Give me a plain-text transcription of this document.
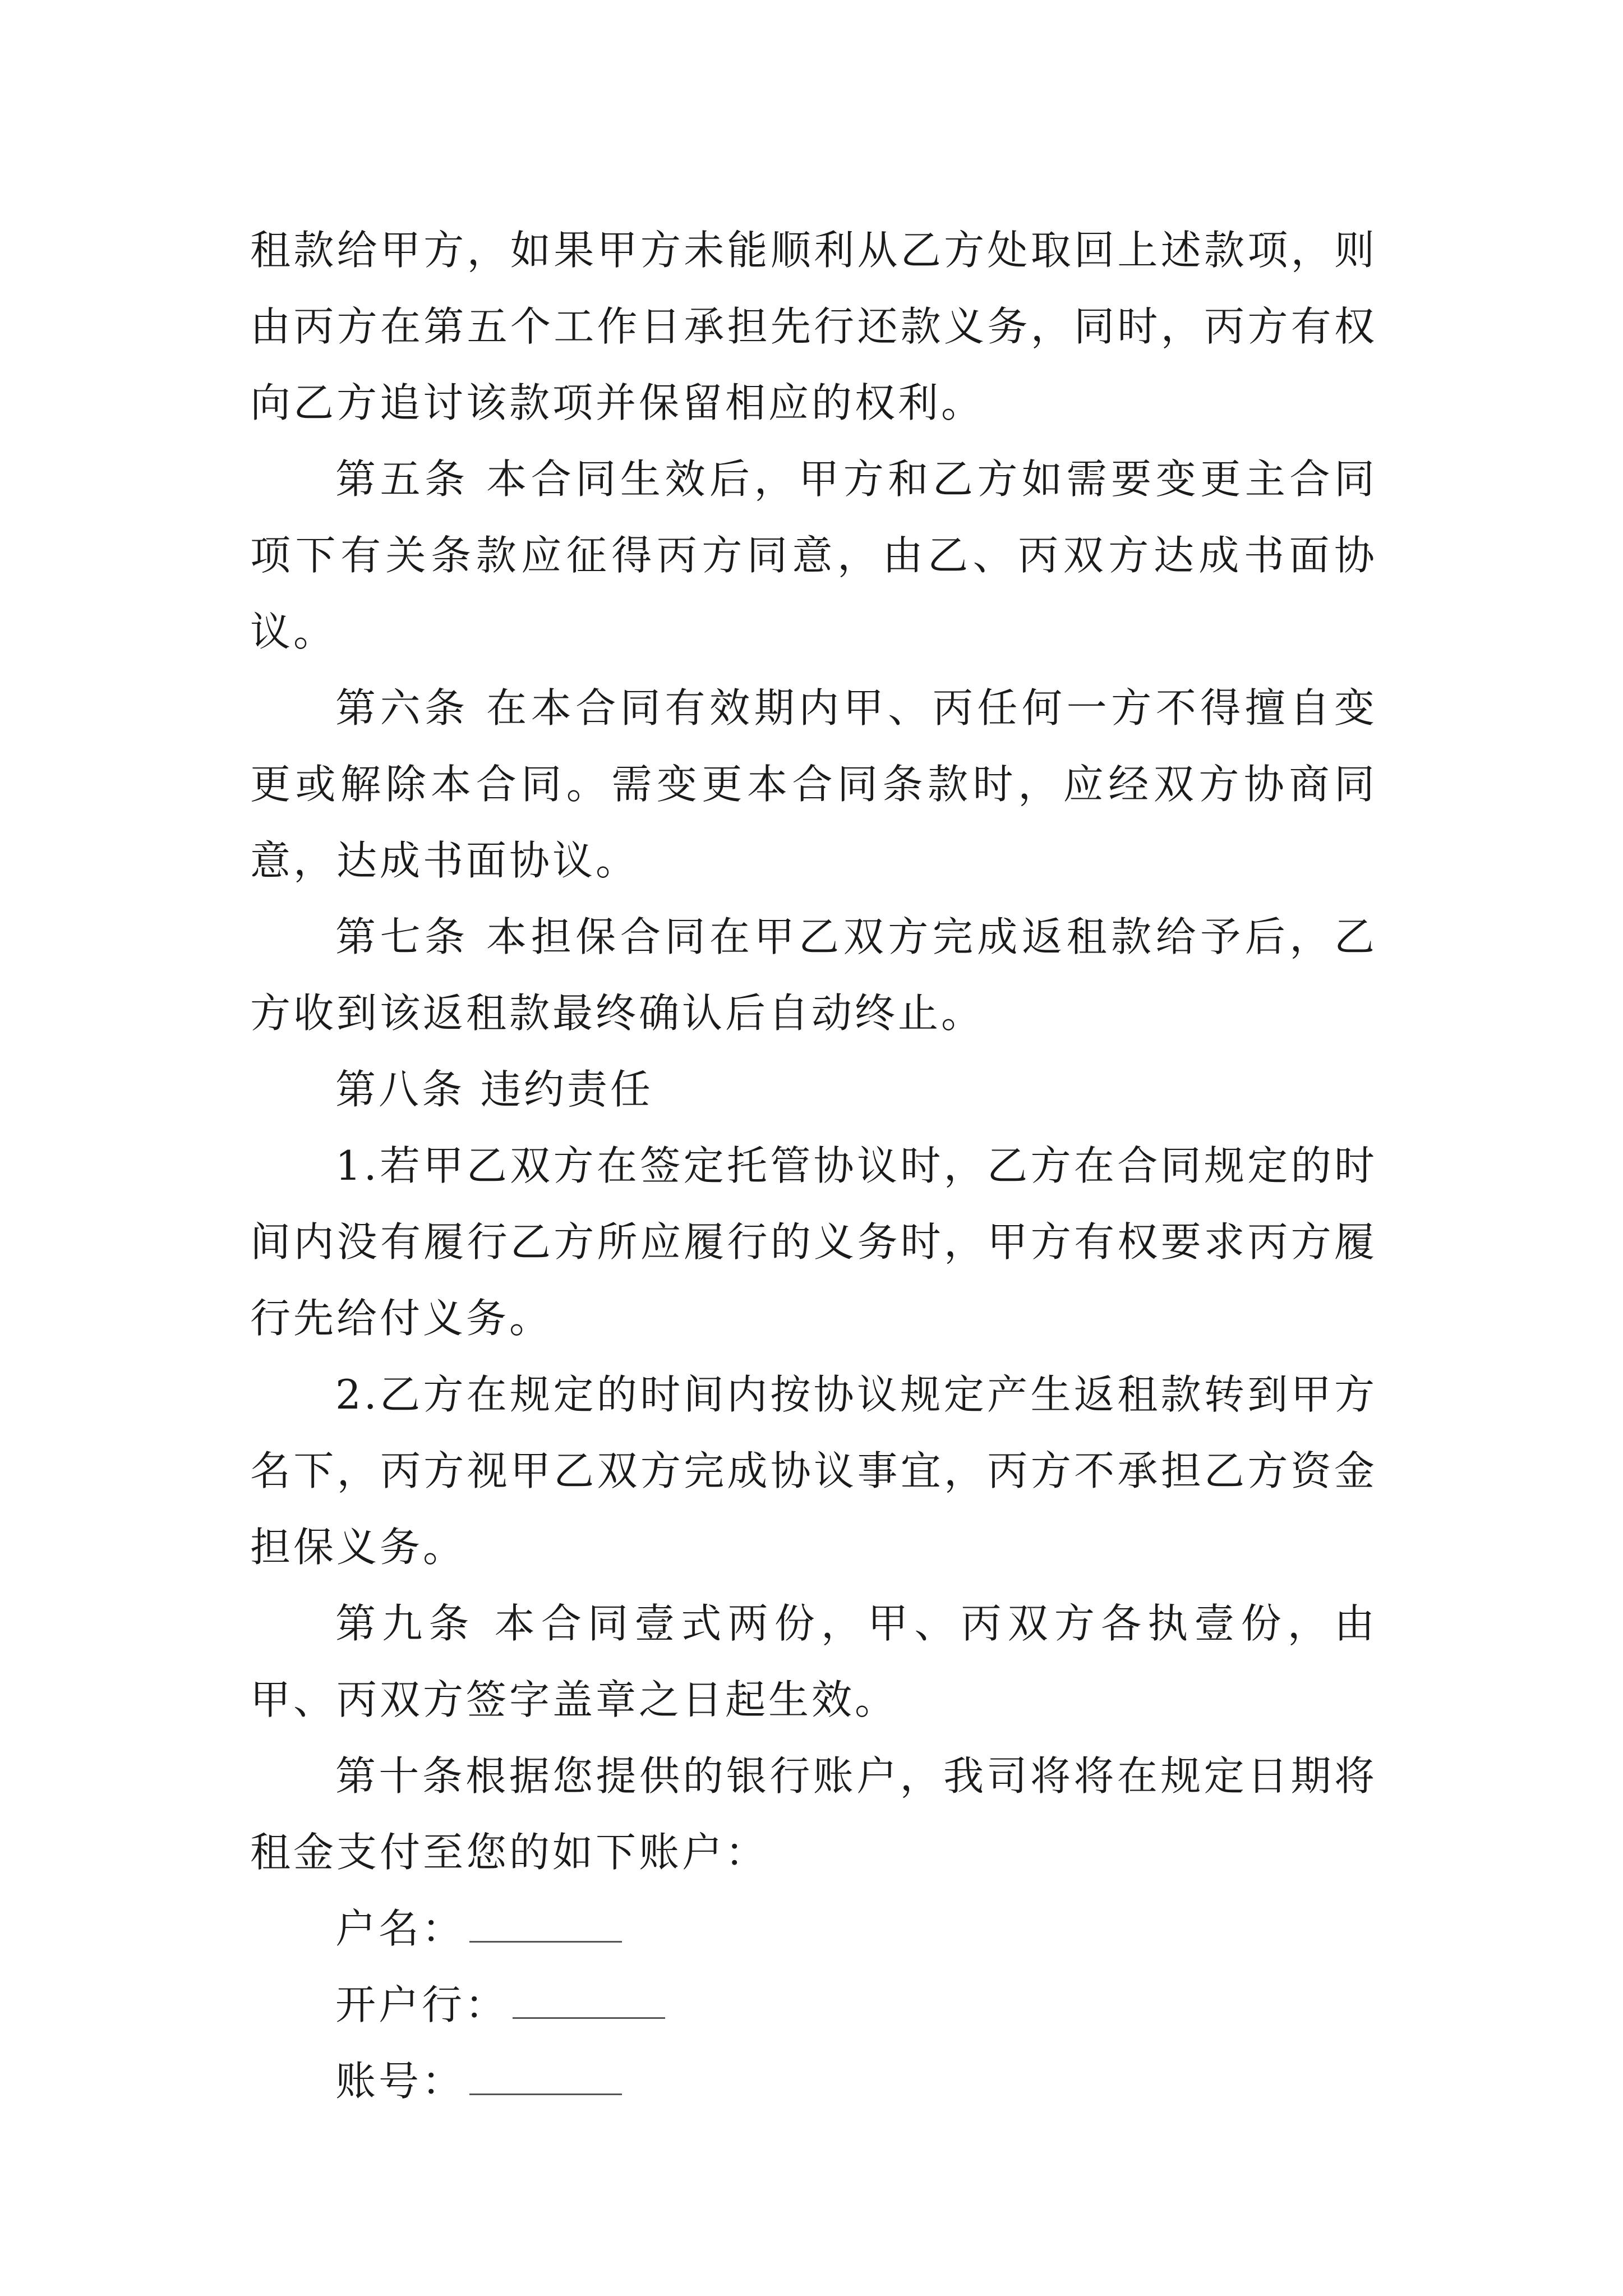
租款给甲方，如果甲方未能顺利从乙方处取回上述款项，则由丙方在第五个工作日承担先行还款义务，同时，丙方有权向乙方追讨该款项并保留相应的权利。

第五条 本合同生效后，甲方和乙方如需要变更主合同项下有关条款应征得丙方同意，由乙、丙双方达成书面协议。

第六条 在本合同有效期内甲、丙任何一方不得擅自变更或解除本合同。需变更本合同条款时，应经双方协商同意，达成书面协议。

第七条 本担保合同在甲乙双方完成返租款给予后，乙方收到该返租款最终确认后自动终止。

第八条 违约责任

1.若甲乙双方在签定托管协议时，乙方在合同规定的时间内没有履行乙方所应履行的义务时，甲方有权要求丙方履行先给付义务。

2.乙方在规定的时间内按协议规定产生返租款转到甲方名下，丙方视甲乙双方完成协议事宜，丙方不承担乙方资金担保义务。

第九条 本合同壹式两份，甲、丙双方各执壹份，由甲、丙双方签字盖章之日起生效。

第十条根据您提供的银行账户，我司将将在规定日期将租金支付至您的如下账户：

户名：

开户行：

账号：
